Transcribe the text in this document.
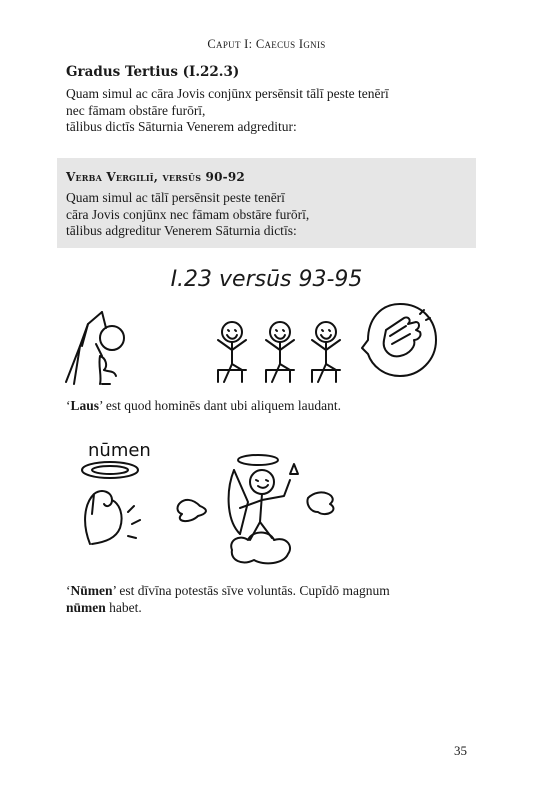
Caput I: Caecus Ignis
Gradus Tertius (I.22.3)
Quam simul ac cāra Jovis conjūnx persēnsit tālī peste tenērī
nec fāmam obstāre furōrī,
tālibus dictīs Sāturnia Venerem adgreditur:
Verba Vergiliī, versūs 90-92
Quam simul ac tālī persēnsit peste tenērī
cāra Jovis conjūnx nec fāmam obstāre furōrī,
tālibus adgreditur Venerem Sāturnia dictīs:
I.23 versūs 93-95
‘Laus’ est quod hominēs dant ubi aliquem laudant.
nūmen
‘Nūmen’ est dīvīna potestās sīve voluntās. Cupīdō magnum
nūmen habet.
35
